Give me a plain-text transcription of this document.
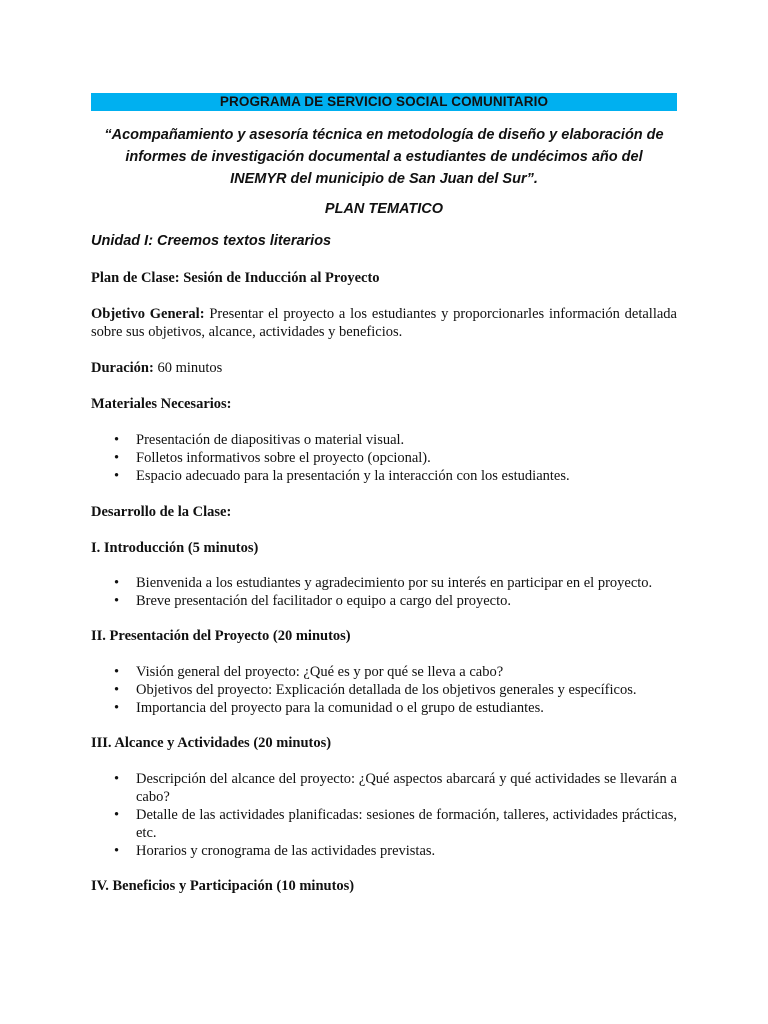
PROGRAMA DE SERVICIO SOCIAL COMUNITARIO
“Acompañamiento y asesoría técnica en metodología de diseño y elaboración de
informes de investigación documental a estudiantes de undécimos año del
INEMYR del municipio de San Juan del Sur”.
PLAN TEMATICO
Unidad I: Creemos textos literarios

Plan de Clase: Sesión de Inducción al Proyecto

Objetivo General: Presentar el proyecto a los estudiantes y proporcionarles información detallada sobre sus objetivos, alcance, actividades y beneficios.

Duración: 60 minutos

Materiales Necesarios:

• Presentación de diapositivas o material visual.
• Folletos informativos sobre el proyecto (opcional).
• Espacio adecuado para la presentación y la interacción con los estudiantes.

Desarrollo de la Clase:

I. Introducción (5 minutos)

• Bienvenida a los estudiantes y agradecimiento por su interés en participar en el proyecto.
• Breve presentación del facilitador o equipo a cargo del proyecto.

II. Presentación del Proyecto (20 minutos)

• Visión general del proyecto: ¿Qué es y por qué se lleva a cabo?
• Objetivos del proyecto: Explicación detallada de los objetivos generales y específicos.
• Importancia del proyecto para la comunidad o el grupo de estudiantes.

III. Alcance y Actividades (20 minutos)

• Descripción del alcance del proyecto: ¿Qué aspectos abarcará y qué actividades se llevarán a cabo?
• Detalle de las actividades planificadas: sesiones de formación, talleres, actividades prácticas, etc.
• Horarios y cronograma de las actividades previstas.

IV. Beneficios y Participación (10 minutos)
